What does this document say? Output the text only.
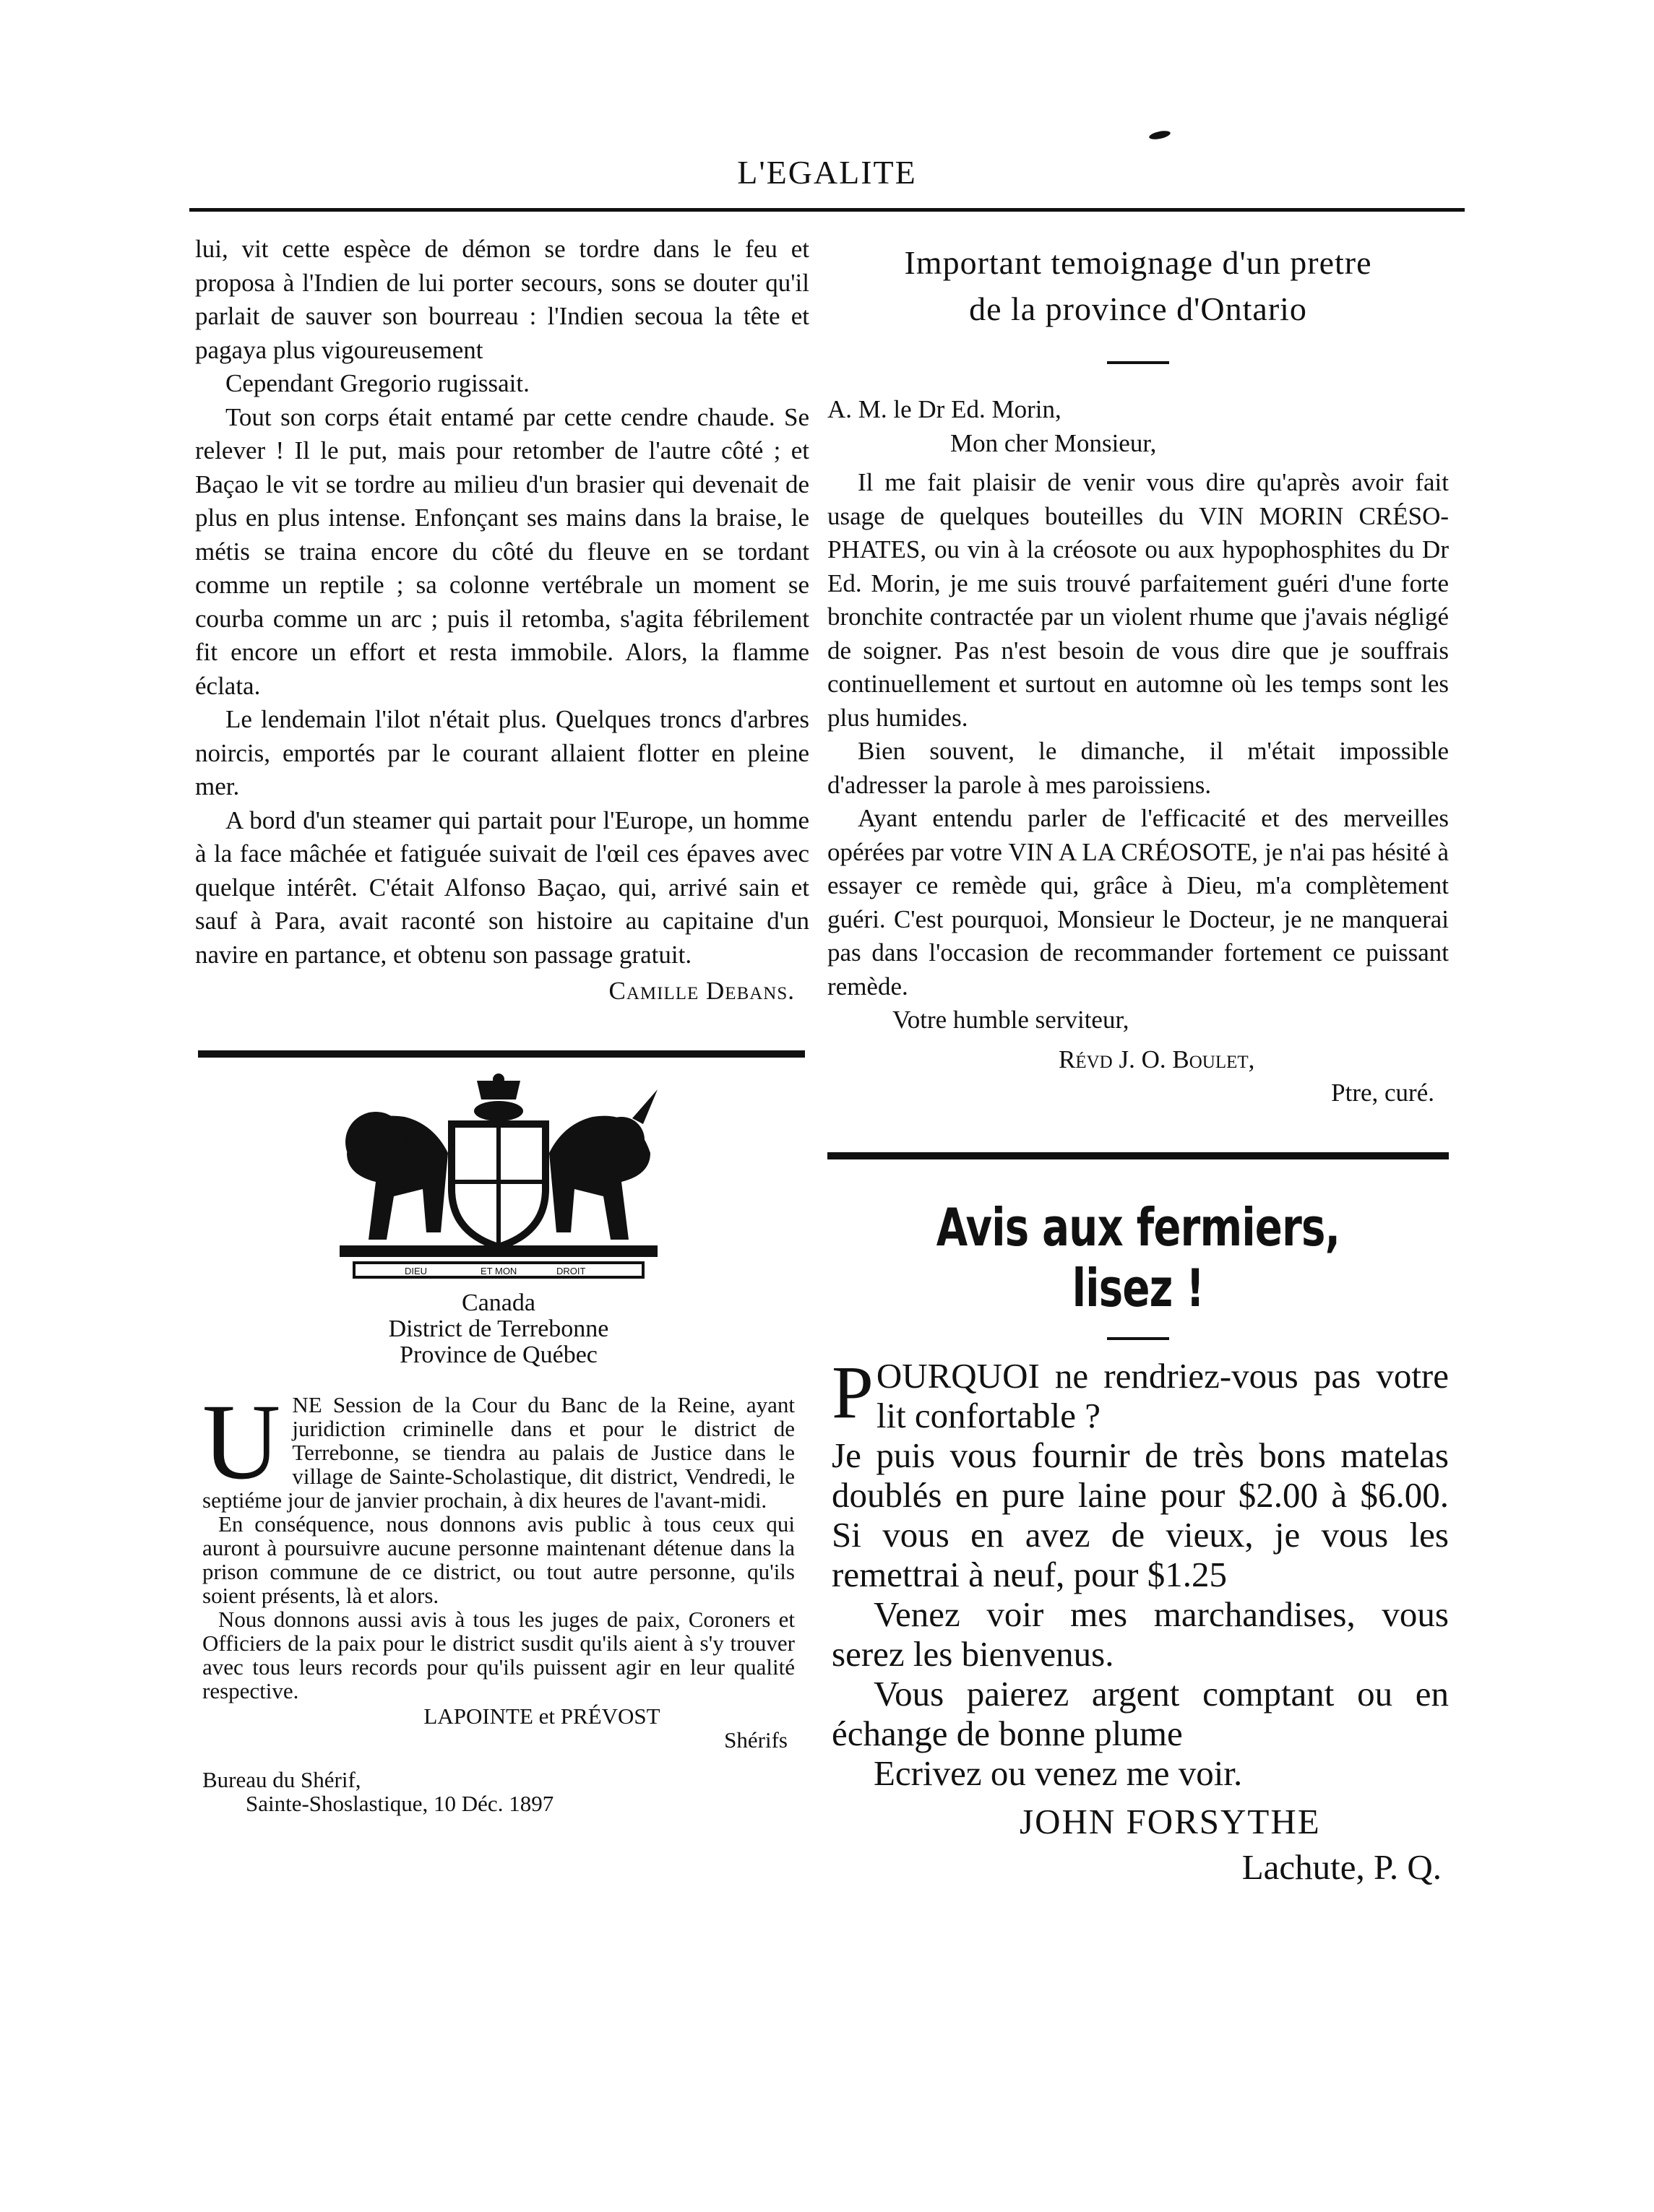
L'EGALITE

lui, vit cette espèce de démon se tordre dans le feu et proposa à l'Indien de lui porter secours, sons se douter qu'il parlait de sauver son bourreau : l'Indien secoua la tête et pagaya plus vigoureusement

Cependant Gregorio rugissait.

Tout son corps était entamé par cette cendre chaude. Se relever ! Il le put, mais pour retomber de l'autre côté ; et Baçao le vit se tordre au milieu d'un brasier qui devenait de plus en plus intense. Enfonçant ses mains dans la braise, le métis se traina encore du côté du fleuve en se tordant comme un reptile ; sa colonne vertébrale un moment se courba comme un arc ; puis il retomba, s'agita fébrilement fit encore un effort et resta immobile. Alors, la flamme éclata.

Le lendemain l'ilot n'était plus. Quelques troncs d'arbres noircis, emportés par le courant allaient flotter en pleine mer.

A bord d'un steamer qui partait pour l'Europe, un homme à la face mâchée et fatiguée suivait de l'œil ces épaves avec quelque intérêt. C'était Alfonso Baçao, qui, arrivé sain et sauf à Para, avait raconté son histoire au capitaine d'un navire en partance, et obtenu son passage gratuit.

Camille Debans.
DIEU	ET MON	DROIT
Canada
District de Terrebonne
Province de Québec
U NE Session de la Cour du Banc de la Reine, ayant juridiction criminelle dans et pour le district de Terrebonne, se tiendra au palais de Justice dans le village de Sainte-Scholastique, dit district, Vendredi, le septiéme jour de janvier prochain, à dix heures de l'avant-midi.

En conséquence, nous donnons avis public à tous ceux qui auront à poursuivre aucune personne maintenant détenue dans la prison commune de ce district, ou tout autre personne, qu'ils soient présents, là et alors.

Nous donnons aussi avis à tous les juges de paix, Coroners et Officiers de la paix pour le district susdit qu'ils aient à s'y trouver avec tous leurs records pour qu'ils puissent agir en leur qualité respective.

LAPOINTE et PRÉVOST
Shérifs
Bureau du Shérif,
Sainte-Shoslastique, 10 Déc. 1897
Important temoignage d'un pretre
de la province d'Ontario

A. M. le Dr Ed. Morin,

Mon cher Monsieur,

Il me fait plaisir de venir vous dire qu'après avoir fait usage de quelques bouteilles du VIN MORIN CRÉSO-PHATES, ou vin à la créosote ou aux hypophosphites du Dr Ed. Morin, je me suis trouvé parfaitement guéri d'une forte bronchite contractée par un violent rhume que j'avais négligé de soigner. Pas n'est besoin de vous dire que je souffrais continuellement et surtout en automne où les temps sont les plus humides.

Bien souvent, le dimanche, il m'était impossible d'adresser la parole à mes paroissiens.

Ayant entendu parler de l'efficacité et des merveilles opérées par votre VIN A LA CRÉOSOTE, je n'ai pas hésité à essayer ce remède qui, grâce à Dieu, m'a complètement guéri. C'est pourquoi, Monsieur le Docteur, je ne manquerai pas dans l'occasion de recommander fortement ce puissant remède.

Votre humble serviteur,

Révd J. O. Boulet,

Ptre, curé.

Avis aux fermiers, lisez !
P OURQUOI ne rendriez-vous pas votre lit confortable ?

Je puis vous fournir de très bons matelas doublés en pure laine pour $2.00 à $6.00. Si vous en avez de vieux, je vous les remettrai à neuf, pour $1.25

Venez voir mes marchandises, vous serez les bienvenus.

Vous paierez argent comptant ou en échange de bonne plume

Ecrivez ou venez me voir.

JOHN FORSYTHE

Lachute, P. Q.
